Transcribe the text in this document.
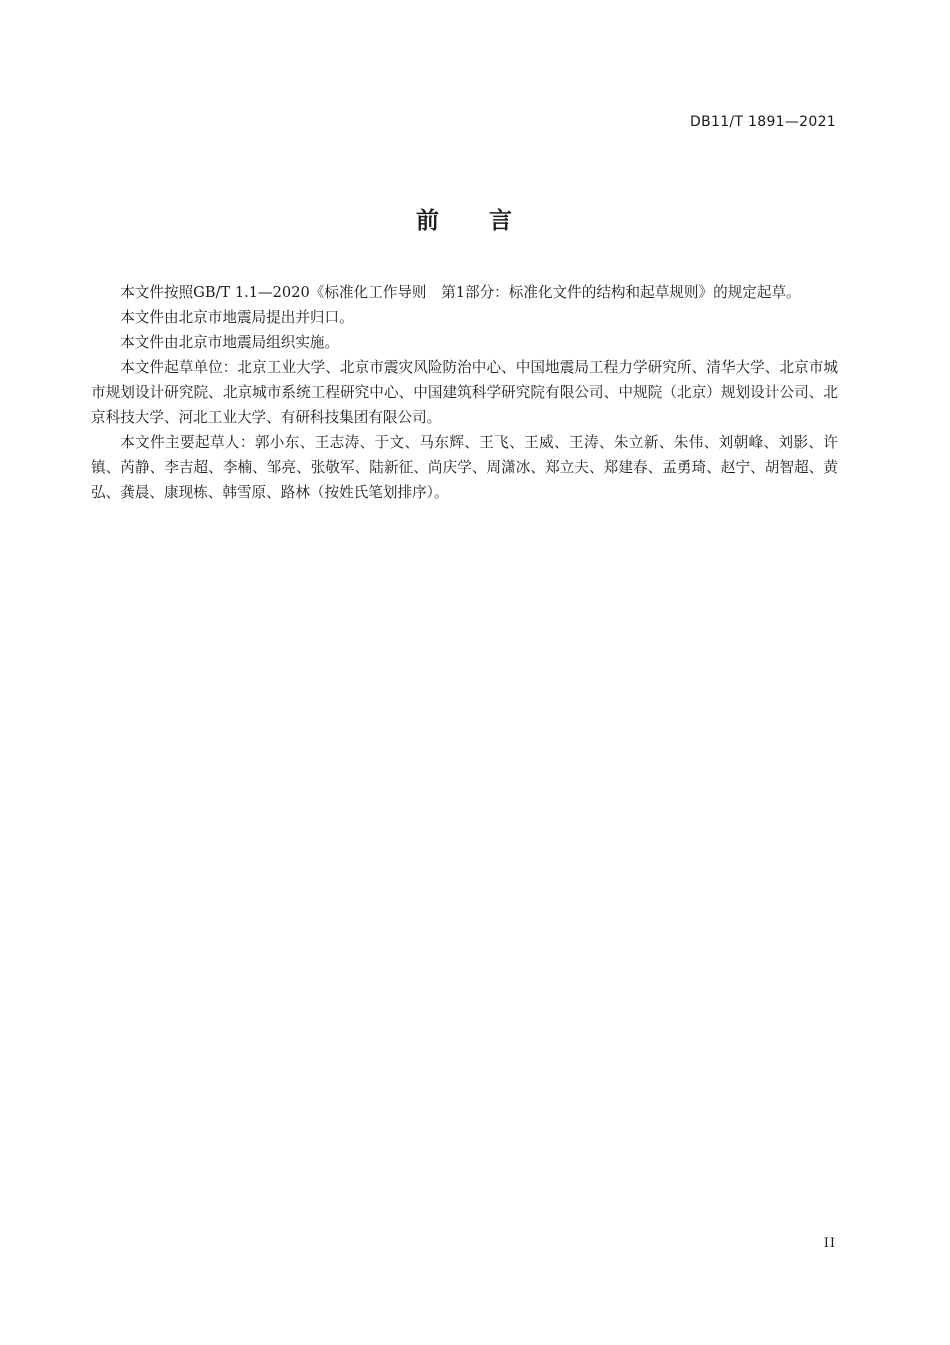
DB11/T 1891—2021
前 言

本文件按照GB/T 1.1—2020《标准化工作导则　第1部分：标准化文件的结构和起草规则》的规定起草。

本文件由北京市地震局提出并归口。

本文件由北京市地震局组织实施。

本文件起草单位：北京工业大学、北京市震灾风险防治中心、中国地震局工程力学研究所、清华大学、北京市城市规划设计研究院、北京城市系统工程研究中心、中国建筑科学研究院有限公司、中规院（北京）规划设计公司、北京科技大学、河北工业大学、有研科技集团有限公司。

本文件主要起草人：郭小东、王志涛、于文、马东辉、王飞、王威、王涛、朱立新、朱伟、刘朝峰、刘影、许镇、芮静、李吉超、李楠、邹亮、张敬军、陆新征、尚庆学、周潇冰、郑立夫、郑建春、孟勇琦、赵宁、胡智超、黄弘、龚晨、康现栋、韩雪原、路林（按姓氏笔划排序）。

II
